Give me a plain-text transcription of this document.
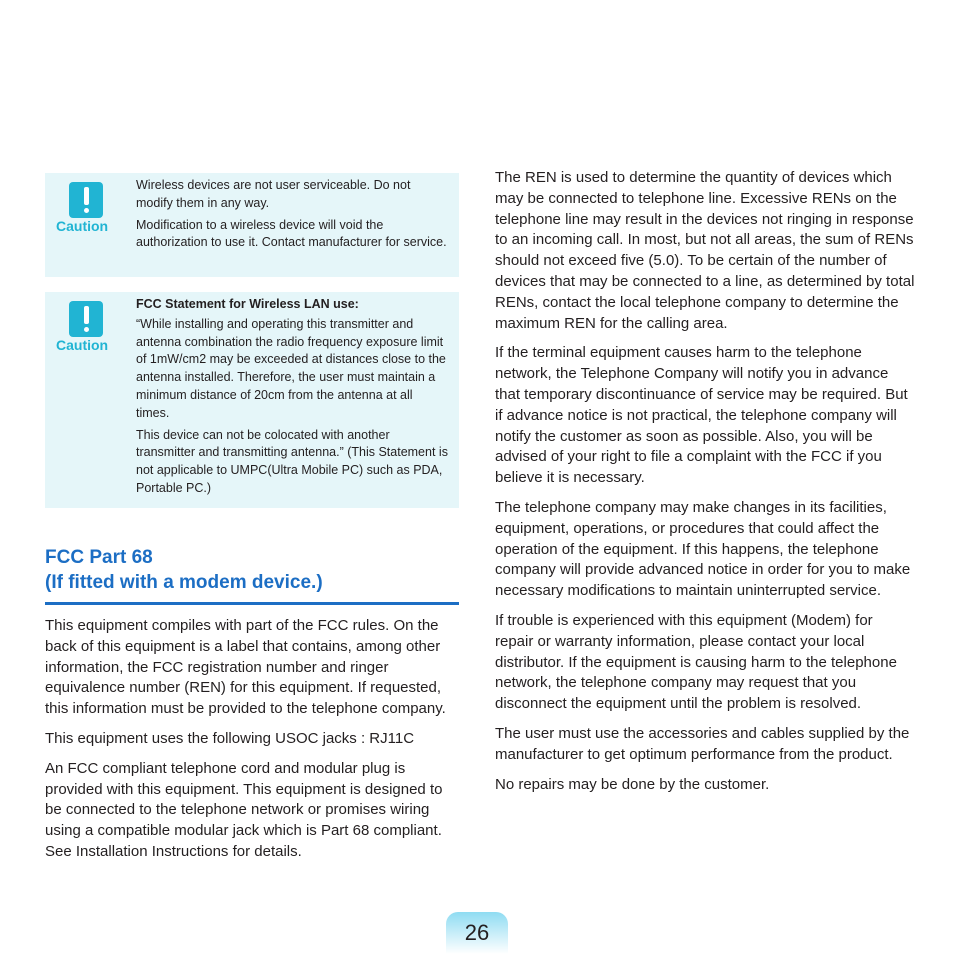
Caution

Wireless devices are not user serviceable. Do not modify them in any way.

Modification to a wireless device will void the authorization to use it. Contact manufacturer for service.

Caution

FCC Statement for Wireless LAN use:

“While installing and operating this transmitter and antenna combination the radio frequency exposure limit of 1mW/cm2 may be exceeded at distances close to the antenna installed. Therefore, the user must maintain a minimum distance of 20cm from the antenna at all times.

This device can not be colocated with another transmitter and transmitting antenna.” (This Statement is not applicable to UMPC(Ultra Mobile PC) such as PDA, Portable PC.)

FCC Part 68
(If fitted with a modem device.)

This equipment compiles with part of the FCC rules. On the back of this equipment is a label that contains, among other information, the FCC registration number and ringer equivalence number (REN) for this equipment. If requested, this information must be provided to the telephone company.

This equipment uses the following USOC jacks : RJ11C

An FCC compliant telephone cord and modular plug is provided with this equipment. This equipment is designed to be connected to the telephone network or promises wiring using a compatible modular jack which is Part 68 compliant. See Installation Instructions for details.

The REN is used to determine the quantity of devices which may be connected to telephone line. Excessive RENs on the telephone line may result in the devices not ringing in response to an incoming call. In most, but not all areas, the sum of RENs should not exceed five (5.0). To be certain of the number of devices that may be connected to a line, as determined by total RENs, contact the local telephone company to determine the maximum REN for the calling area.

If the terminal equipment causes harm to the telephone network, the Telephone Company will notify you in advance that temporary discontinuance of service may be required. But if advance notice is not practical, the telephone company will notify the customer as soon as possible. Also, you will be advised of your right to file a complaint with the FCC if you believe it is necessary.

The telephone company may make changes in its facilities, equipment, operations, or procedures that could affect the operation of the equipment. If this happens, the telephone company will provide advanced notice in order for you to make necessary modifications to maintain uninterrupted service.

If trouble is experienced with this equipment (Modem) for repair or warranty information, please contact your local distributor. If the equipment is causing harm to the telephone network, the telephone company may request that you disconnect the equipment until the problem is resolved.

The user must use the accessories and cables supplied by the manufacturer to get optimum performance from the product.

No repairs may be done by the customer.

26
